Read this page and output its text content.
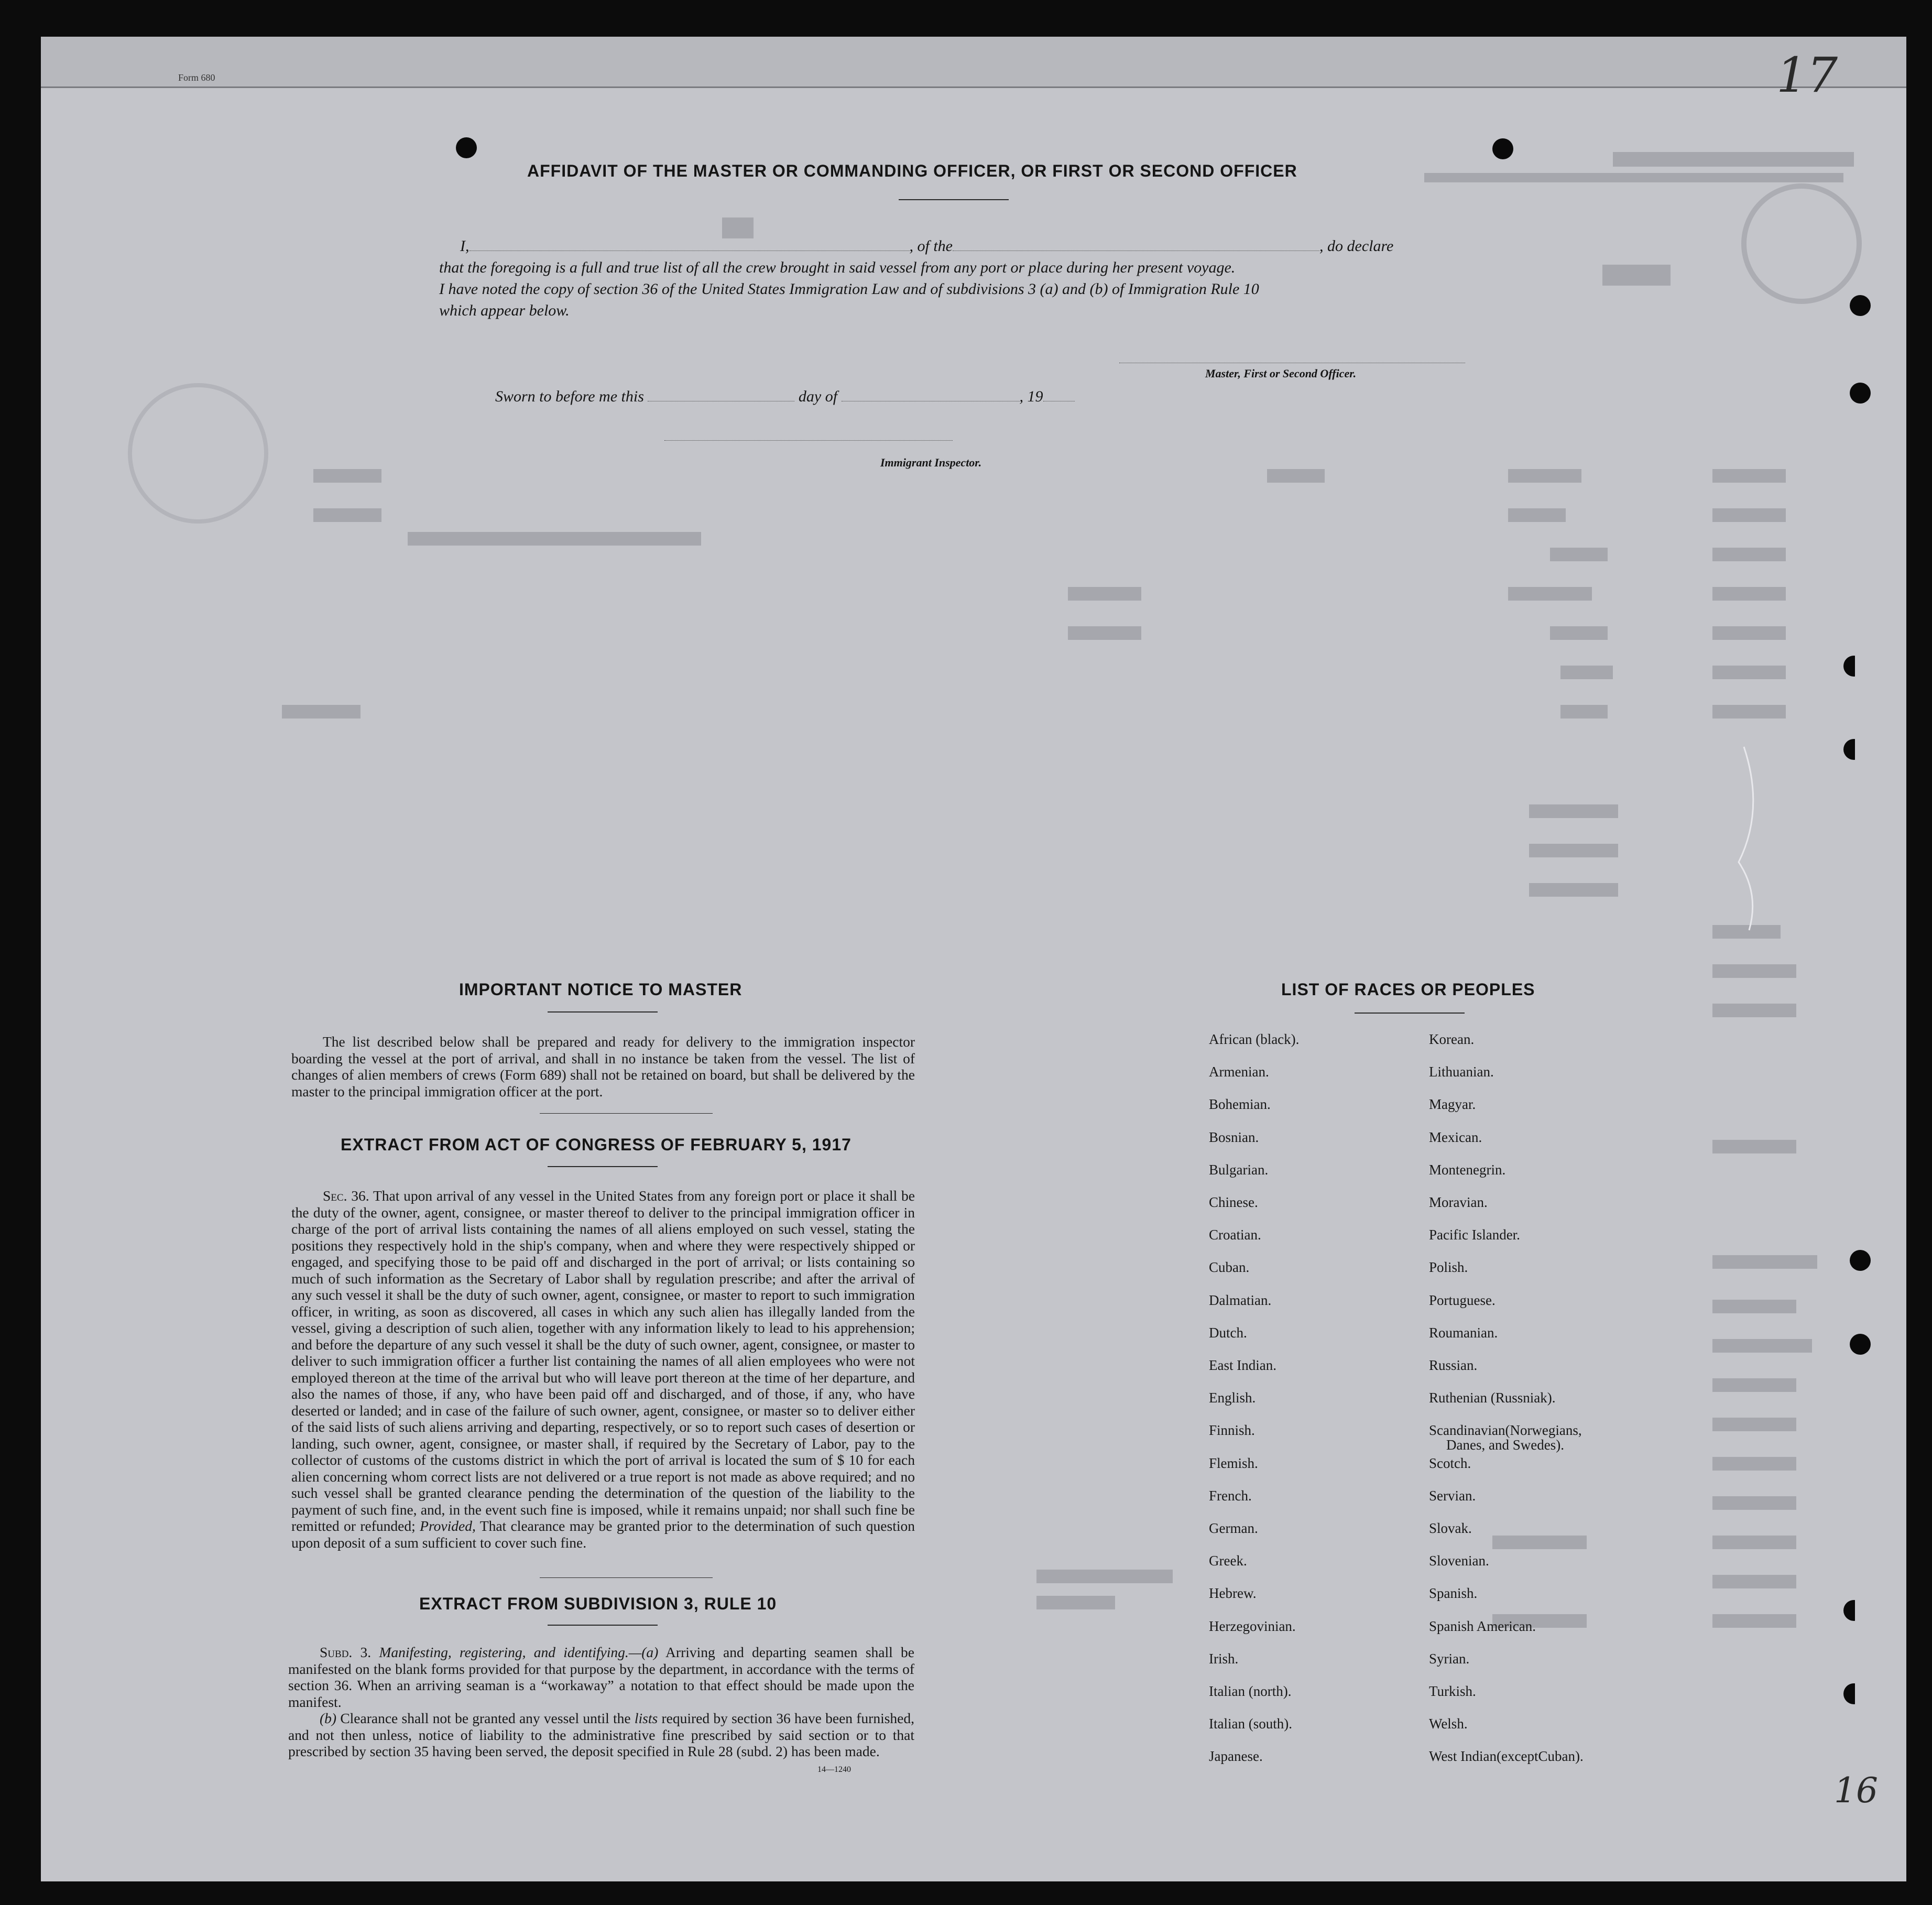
Form 680	17
16
AFFIDAVIT OF THE MASTER OR COMMANDING OFFICER, OR FIRST OR SECOND OFFICER
I,	, of the	, do declare
that the foregoing is a full and true list of all the crew brought in said vessel from any port or place during her present voyage.
I have noted the copy of section 36 of the United States Immigration Law and of subdivisions 3 (a) and (b) of Immigration Rule 10
which appear below.
Master, First or Second Officer.
Sworn to before me this	day of	, 19
Immigrant Inspector.
IMPORTANT NOTICE TO MASTER
The list described below shall be prepared and ready for delivery to the immigration inspector boarding the vessel at the port of arrival, and shall in no instance be taken from the vessel. The list of changes of alien members of crews (Form 689) shall not be retained on board, but shall be delivered by the master to the principal immigration officer at the port.
EXTRACT FROM ACT OF CONGRESS OF FEBRUARY 5, 1917
Sec. 36. That upon arrival of any vessel in the United States from any foreign port or place it shall be the duty of the owner, agent, consignee, or master thereof to deliver to the principal immigration officer in charge of the port of arrival lists containing the names of all aliens employed on such vessel, stating the positions they respectively hold in the ship's company, when and where they were respectively shipped or engaged, and specifying those to be paid off and discharged in the port of arrival; or lists containing so much of such information as the Secretary of Labor shall by regulation prescribe; and after the arrival of any such vessel it shall be the duty of such owner, agent, consignee, or master to report to such immigration officer, in writing, as soon as discovered, all cases in which any such alien has illegally landed from the vessel, giving a description of such alien, together with any information likely to lead to his apprehension; and before the departure of any such vessel it shall be the duty of such owner, agent, consignee, or master to deliver to such immigration officer a further list containing the names of all alien employees who were not employed thereon at the time of the arrival but who will leave port thereon at the time of her departure, and also the names of those, if any, who have been paid off and discharged, and of those, if any, who have deserted or landed; and in case of the failure of such owner, agent, consignee, or master so to deliver either of the said lists of such aliens arriving and departing, respectively, or so to report such cases of desertion or landing, such owner, agent, consignee, or master shall, if required by the Secretary of Labor, pay to the collector of customs of the customs district in which the port of arrival is located the sum of $ 10 for each alien concerning whom correct lists are not delivered or a true report is not made as above required; and no such vessel shall be granted clearance pending the determination of the question of the liability to the payment of such fine, and, in the event such fine is imposed, while it remains unpaid; nor shall such fine be remitted or refunded; Provided, That clearance may be granted prior to the determination of such question upon deposit of a sum sufficient to cover such fine.
EXTRACT FROM SUBDIVISION 3, RULE 10
Subd. 3. Manifesting, registering, and identifying.—(a) Arriving and departing seamen shall be manifested on the blank forms provided for that purpose by the department, in accordance with the terms of section 36. When an arriving seaman is a “workaway” a notation to that effect should be made upon the manifest.
(b) Clearance shall not be granted any vessel until the lists required by section 36 have been furnished, and not then unless, notice of liability to the administrative fine prescribed by said section or to that prescribed by section 35 having been served, the deposit specified in Rule 28 (subd. 2) has been made.
14—1240
LIST OF RACES OR PEOPLES
African (black).
Armenian.
Bohemian.
Bosnian.
Bulgarian.
Chinese.
Croatian.
Cuban.
Dalmatian.
Dutch.
East Indian.
English.
Finnish.
Flemish.
French.
German.
Greek.
Hebrew.
Herzegovinian.
Irish.
Italian (north).
Italian (south).
Japanese.
Korean.
Lithuanian.
Magyar.
Mexican.
Montenegrin.
Moravian.
Pacific Islander.
Polish.
Portuguese.
Roumanian.
Russian.
Ruthenian (Russniak).
Scandinavian(Norwegians,
Danes, and Swedes).
Scotch.
Servian.
Slovak.
Slovenian.
Spanish.
Spanish American.
Syrian.
Turkish.
Welsh.
West Indian(exceptCuban).
